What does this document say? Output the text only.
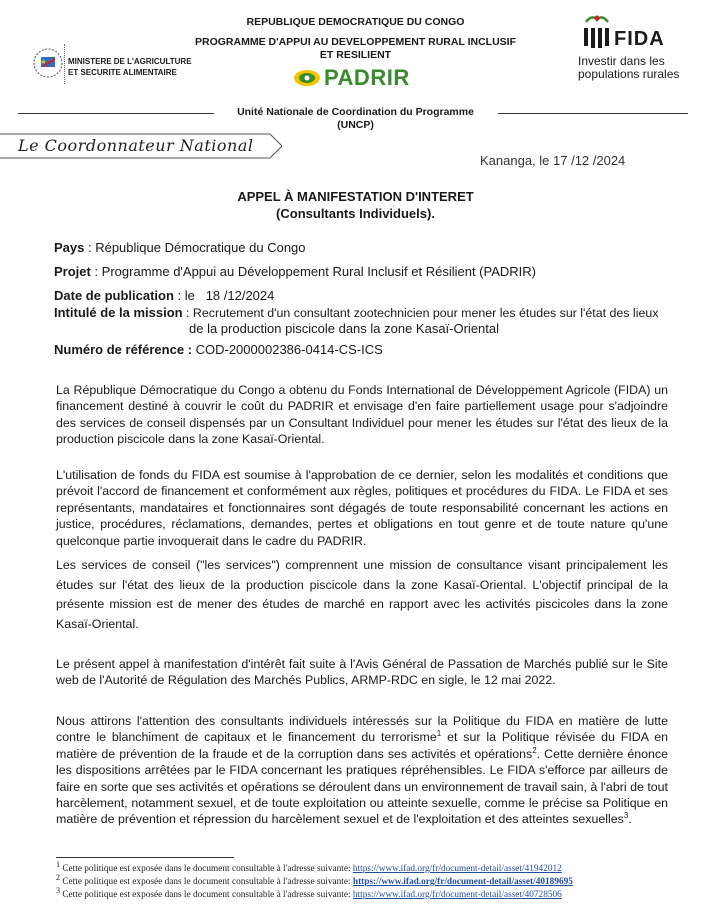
REPUBLIQUE DEMOCRATIQUE DU CONGO
PROGRAMME D'APPUI AU DEVELOPPEMENT RURAL INCLUSIF
ET RESILIENT
MINISTERE DE L'AGRICULTURE
ET SECURITE ALIMENTAIRE	PADRIR
FIDA
Investir dans les
populations rurales
Unité Nationale de Coordination du Programme
(UNCP)
Le Coordonnateur National
Kananga, le 17 /12 /2024
APPEL À MANIFESTATION D'INTERET
(Consultants Individuels).
Pays : République Démocratique du Congo
Projet : Programme d'Appui au Développement Rural Inclusif et Résilient (PADRIR)
Date de publication : le   18 /12/2024
Intitulé de la mission : Recrutement d'un consultant zootechnicien pour mener les études sur l'état des lieux
de la production piscicole dans la zone Kasaï-Oriental
Numéro de référence : COD-2000002386-0414-CS-ICS
La République Démocratique du Congo a obtenu du Fonds International de Développement Agricole (FIDA) un financement destiné à couvrir le coût du PADRIR et envisage d'en faire partiellement usage pour s'adjoindre des services de conseil dispensés par un Consultant Individuel pour mener les études sur l'état des lieux de la production piscicole dans la zone Kasaï-Oriental.
L'utilisation de fonds du FIDA est soumise à l'approbation de ce dernier, selon les modalités et conditions que prévoit l'accord de financement et conformément aux règles, politiques et procédures du FIDA. Le FIDA et ses représentants, mandataires et fonctionnaires sont dégagés de toute responsabilité concernant les actions en justice, procédures, réclamations, demandes, pertes et obligations en tout genre et de toute nature qu'une quelconque partie invoquerait dans le cadre du PADRIR.
Les services de conseil ("les services") comprennent une mission de consultance visant principalement les études sur l'état des lieux de la production piscicole dans la zone Kasaï-Oriental. L'objectif principal de la présente mission est de mener des études de marché en rapport avec les activités piscicoles dans la zone Kasaï-Oriental.
Le présent appel à manifestation d'intérêt fait suite à l'Avis Général de Passation de Marchés publié sur le Site web de l'Autorité de Régulation des Marchés Publics, ARMP-RDC en sigle, le 12 mai 2022.
Nous attirons l'attention des consultants individuels intéressés sur la Politique du FIDA en matière de lutte contre le blanchiment de capitaux et le financement du terrorisme$^1$ et sur la Politique révisée du FIDA en matière de prévention de la fraude et de la corruption dans ses activités et opérations$^2$. Cette dernière énonce les dispositions arrêtées par le FIDA concernant les pratiques répréhensibles. Le FIDA s'efforce par ailleurs de faire en sorte que ses activités et opérations se déroulent dans un environnement de travail sain, à l'abri de tout harcèlement, notamment sexuel, et de toute exploitation ou atteinte sexuelle, comme le précise sa Politique en matière de prévention et répression du harcèlement sexuel et de l'exploitation et des atteintes sexuelles$^3$.
$^1$ Cette politique est exposée dans le document consultable à l'adresse suivante: https://www.ifad.org/fr/document-detail/asset/41942012
$^2$ Cette politique est exposée dans le document consultable à l'adresse suivante: https://www.ifad.org/fr/document-detail/asset/40189695
$^3$ Cette politique est exposée dans le document consultable à l'adresse suivante: https://www.ifad.org/fr/document-detail/asset/40728506
